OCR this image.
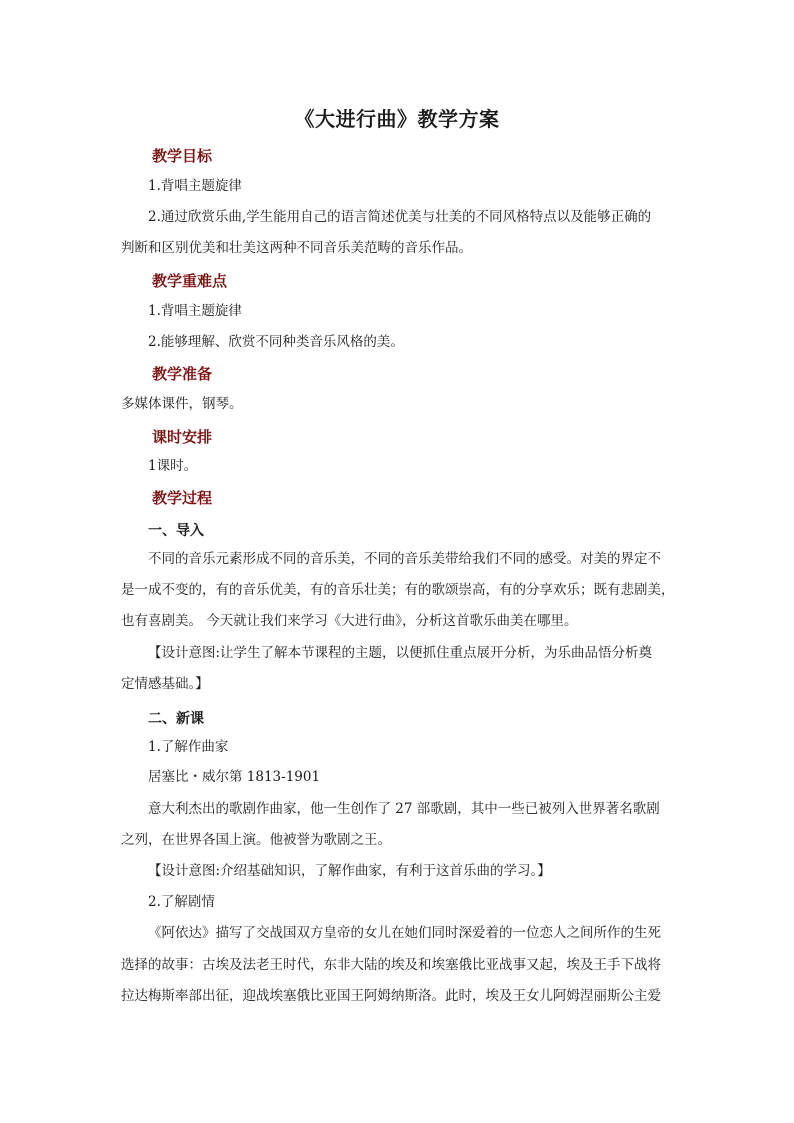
《大进行曲》教学方案
教学目标
1.背唱主题旋律
2.通过欣赏乐曲,学生能用自己的语言简述优美与壮美的不同风格特点以及能够正确的
判断和区别优美和壮美这两种不同音乐美范畴的音乐作品。
教学重难点
1.背唱主题旋律
2.能够理解、欣赏不同种类音乐风格的美。
教学准备
多媒体课件，钢琴。
课时安排
1课时。
教学过程
一、导入
不同的音乐元素形成不同的音乐美，不同的音乐美带给我们不同的感受。对美的界定不
是一成不变的，有的音乐优美，有的音乐壮美；有的歌颂崇高，有的分享欢乐；既有悲剧美，
也有喜剧美。 今天就让我们来学习《大进行曲》，分析这首歌乐曲美在哪里。
【设计意图:让学生了解本节课程的主题，以便抓住重点展开分析，为乐曲品悟分析奠
定情感基础。】
二、新课
1.了解作曲家
居塞比・威尔第 1813-1901
意大利杰出的歌剧作曲家，他一生创作了 27 部歌剧，其中一些已被列入世界著名歌剧
之列，在世界各国上演。他被誉为歌剧之王。
【设计意图:介绍基础知识，了解作曲家，有利于这首乐曲的学习。】
2.了解剧情
《阿依达》描写了交战国双方皇帝的女儿在她们同时深爱着的一位恋人之间所作的生死
选择的故事：古埃及法老王时代，东非大陆的埃及和埃塞俄比亚战事又起，埃及王手下战将
拉达梅斯率部出征，迎战埃塞俄比亚国王阿姆纳斯洛。此时，埃及王女儿阿姆涅丽斯公主爱
